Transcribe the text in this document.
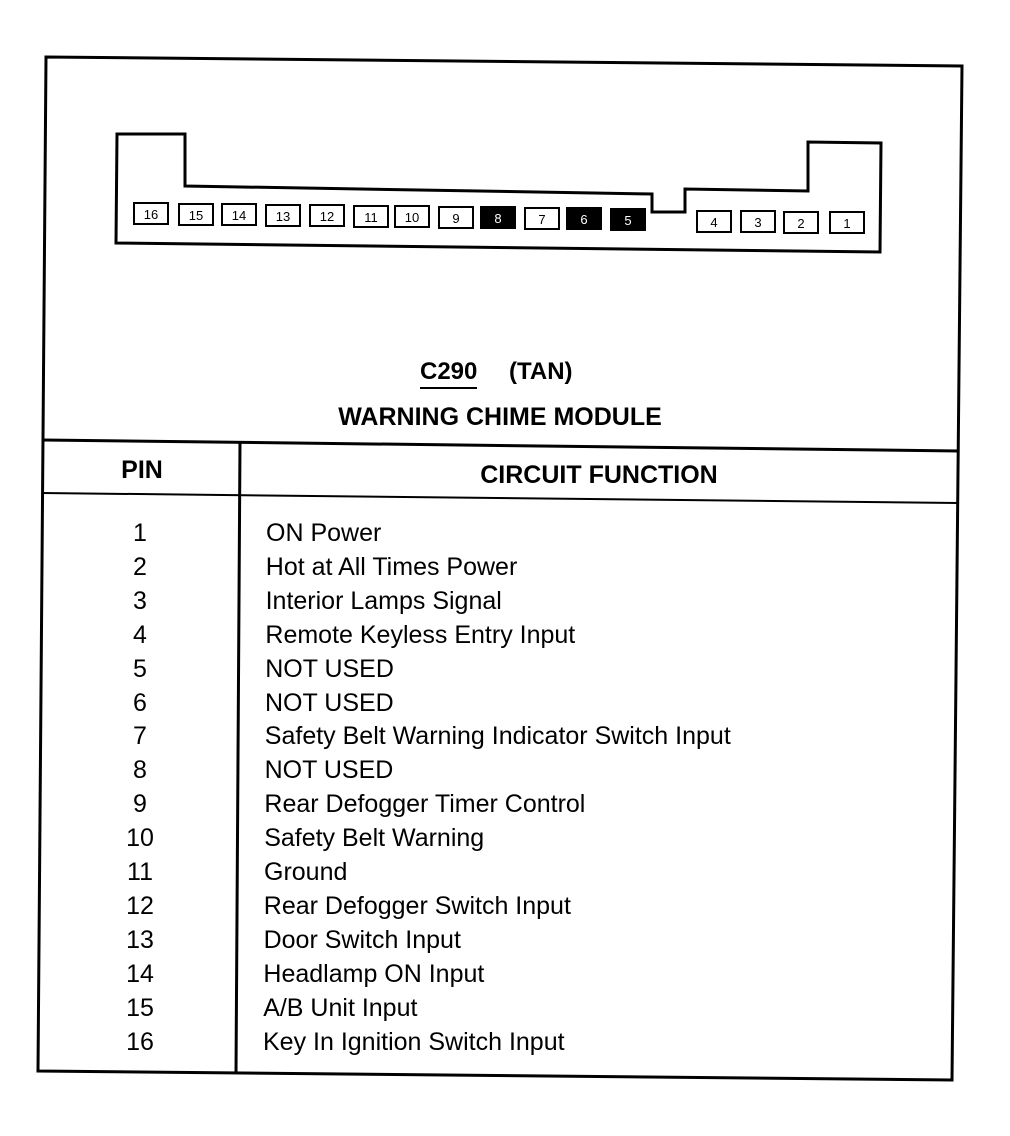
16 15 14 13 12 11 10	9	8	7	6	5	4	3	2	1
C290 (TAN)
WARNING CHIME MODULE
PIN	CIRCUIT FUNCTION
1	ON Power
2	Hot at All Times Power
3	Interior Lamps Signal
4	Remote Keyless Entry Input
5	NOT USED
6	NOT USED
7	Safety Belt Warning Indicator Switch Input
8	NOT USED
9	Rear Defogger Timer Control
10	Safety Belt Warning
11	Ground
12	Rear Defogger Switch Input
13	Door Switch Input
14	Headlamp ON Input
15	A/B Unit Input
16	Key In Ignition Switch Input
